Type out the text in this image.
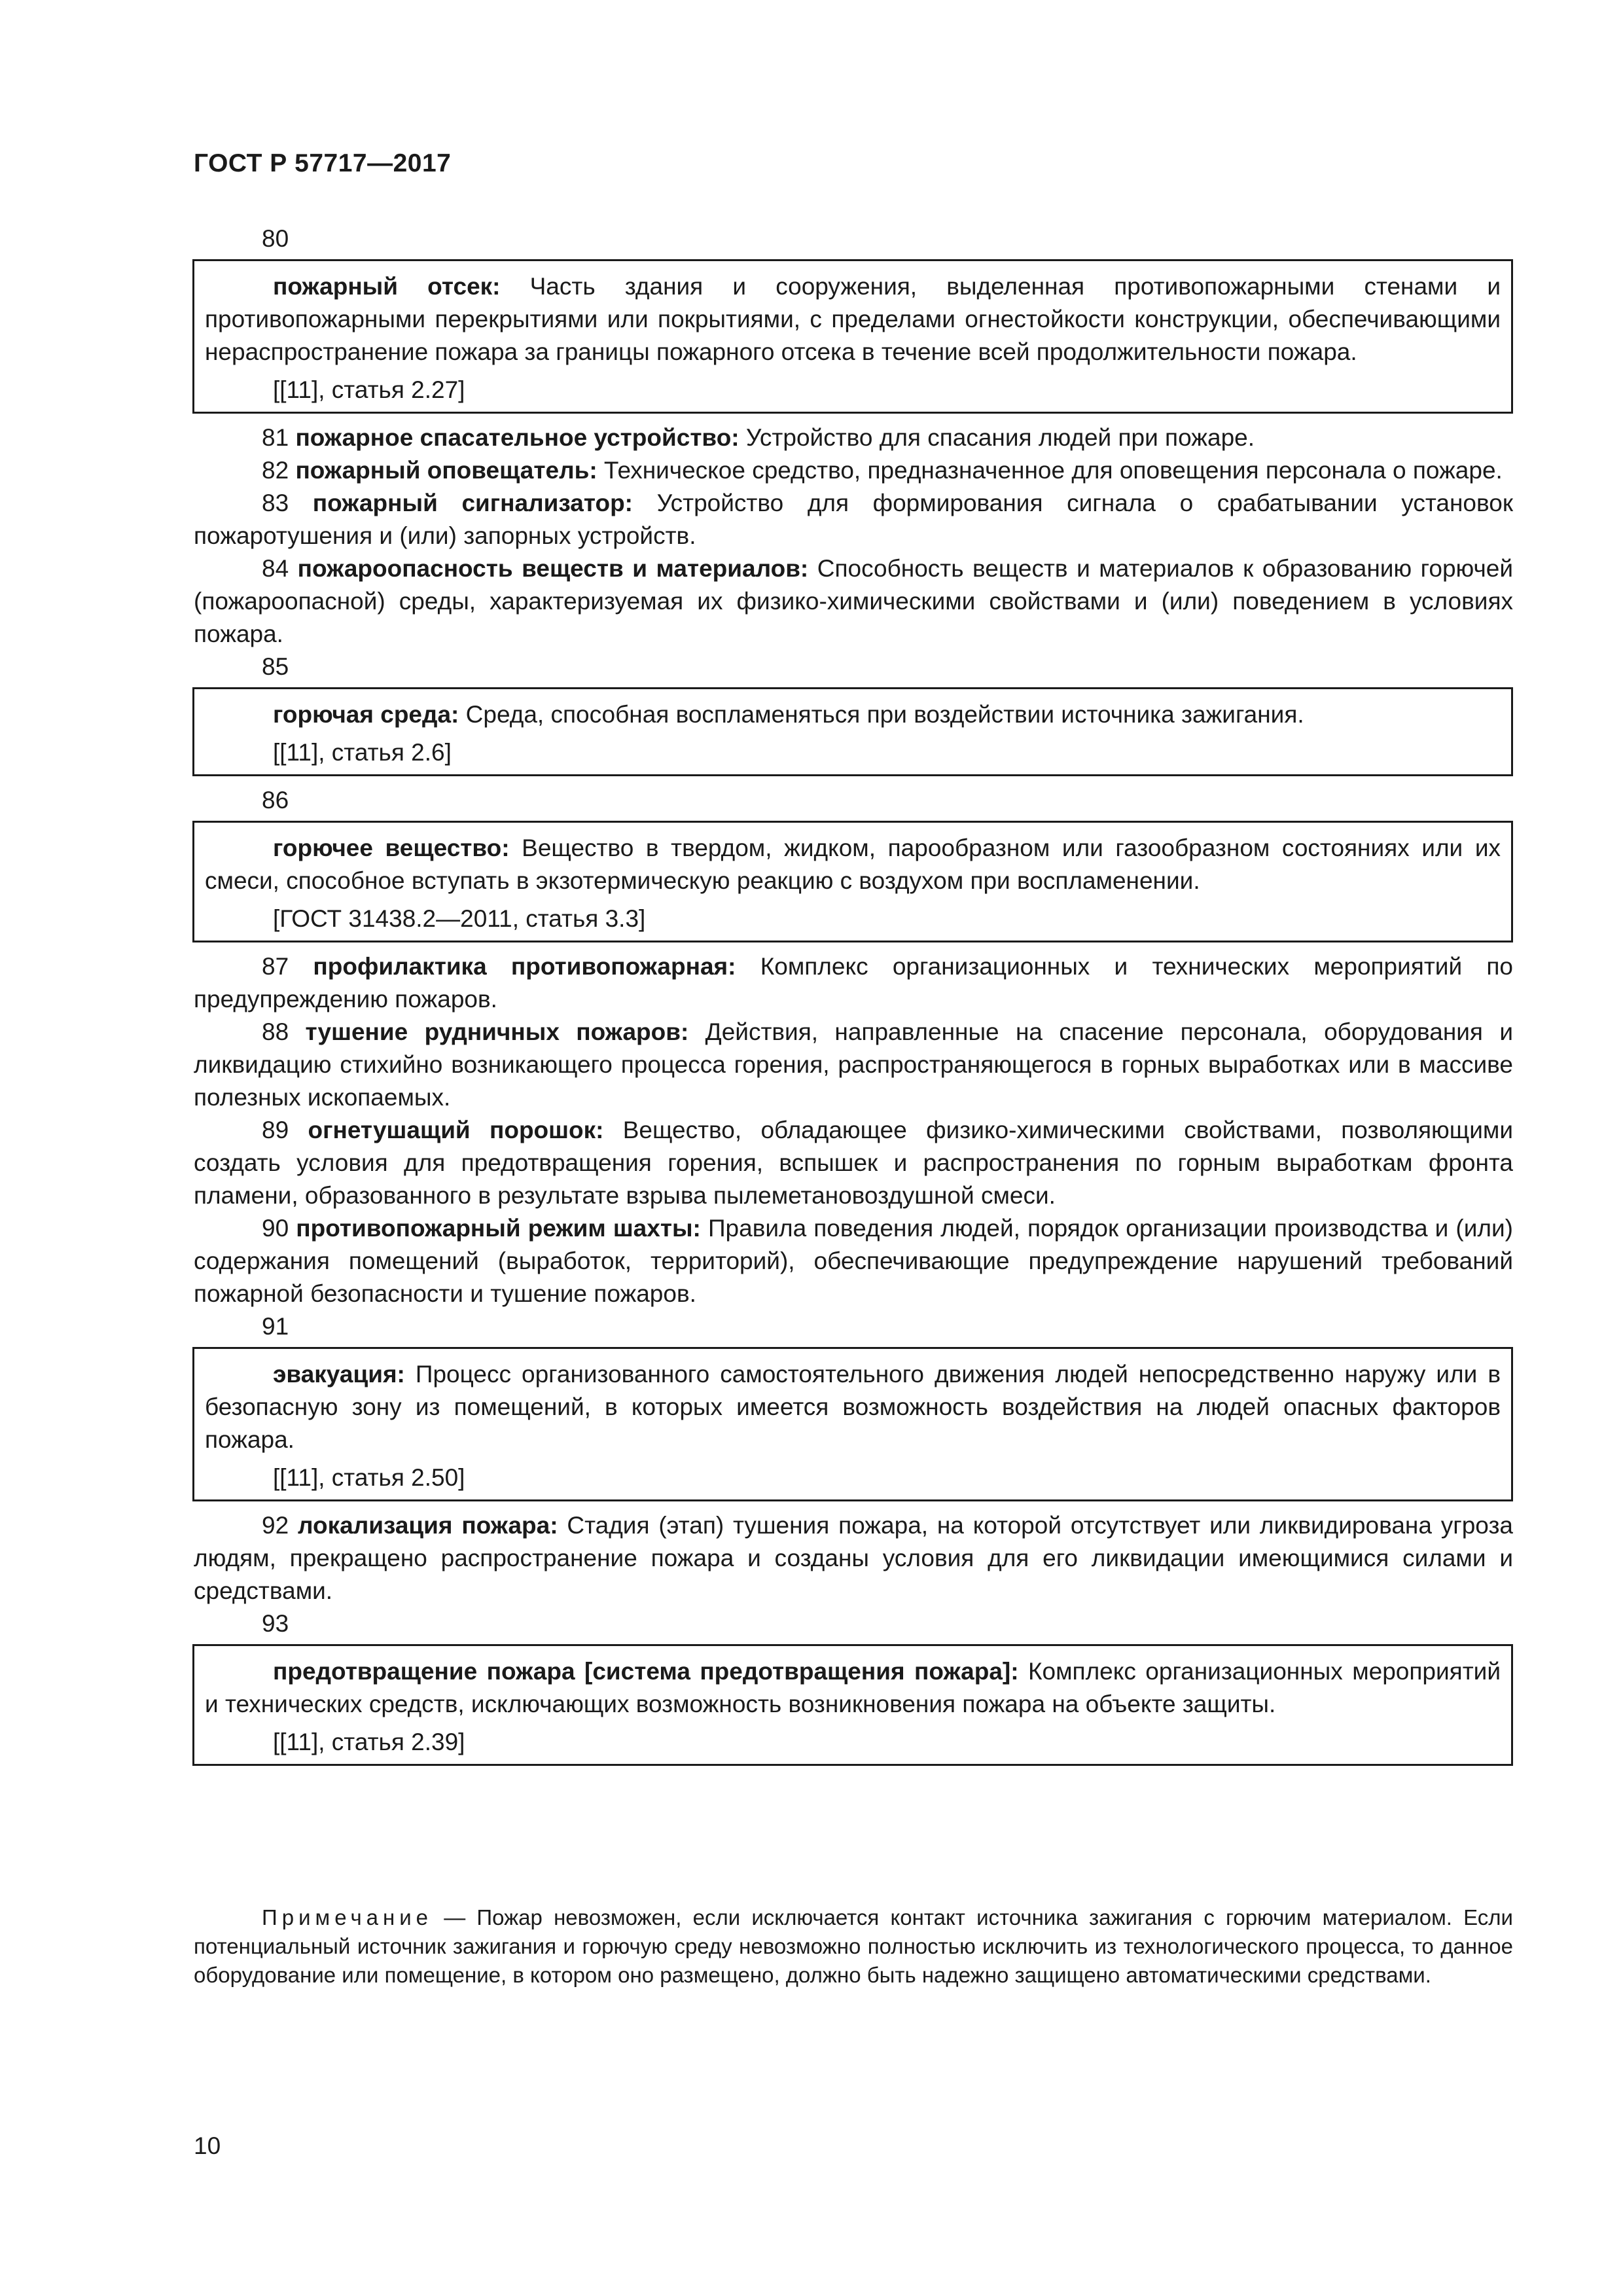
ГОСТ Р 57717—2017

80

пожарный отсек: Часть здания и сооружения, выделенная противопожарными стенами и противопожарными перекрытиями или покрытиями, с пределами огнестойкости конструкции, обеспечивающими нераспространение пожара за границы пожарного отсека в течение всей продолжительности пожара.

[[11], статья 2.27]

81 пожарное спасательное устройство: Устройство для спасания людей при пожаре.

82 пожарный оповещатель: Техническое средство, предназначенное для оповещения персонала о пожаре.

83 пожарный сигнализатор: Устройство для формирования сигнала о срабатывании установок пожаротушения и (или) запорных устройств.

84 пожароопасность веществ и материалов: Способность веществ и материалов к образованию горючей (пожароопасной) среды, характеризуемая их физико-химическими свойствами и (или) поведением в условиях пожара.

85

горючая среда: Среда, способная воспламеняться при воздействии источника зажигания.

[[11], статья 2.6]

86

горючее вещество: Вещество в твердом, жидком, парообразном или газообразном состояниях или их смеси, способное вступать в экзотермическую реакцию с воздухом при воспламенении.

[ГОСТ 31438.2—2011, статья 3.3]

87 профилактика противопожарная: Комплекс организационных и технических мероприятий по предупреждению пожаров.

88 тушение рудничных пожаров: Действия, направленные на спасение персонала, оборудования и ликвидацию стихийно возникающего процесса горения, распространяющегося в горных выработках или в массиве полезных ископаемых.

89 огнетушащий порошок: Вещество, обладающее физико-химическими свойствами, позволяющими создать условия для предотвращения горения, вспышек и распространения по горным выработкам фронта пламени, образованного в результате взрыва пылеметановоздушной смеси.

90 противопожарный режим шахты: Правила поведения людей, порядок организации производства и (или) содержания помещений (выработок, территорий), обеспечивающие предупреждение нарушений требований пожарной безопасности и тушение пожаров.

91

эвакуация: Процесс организованного самостоятельного движения людей непосредственно наружу или в безопасную зону из помещений, в которых имеется возможность воздействия на людей опасных факторов пожара.

[[11], статья 2.50]

92 локализация пожара: Стадия (этап) тушения пожара, на которой отсутствует или ликвидирована угроза людям, прекращено распространение пожара и созданы условия для его ликвидации имеющимися силами и средствами.

93

предотвращение пожара [система предотвращения пожара]: Комплекс организационных мероприятий и технических средств, исключающих возможность возникновения пожара на объекте защиты.

[[11], статья 2.39]

Примечание — Пожар невозможен, если исключается контакт источника зажигания с горючим материалом. Если потенциальный источник зажигания и горючую среду невозможно полностью исключить из технологического процесса, то данное оборудование или помещение, в котором оно размещено, должно быть надежно защищено автоматическими средствами.

10
